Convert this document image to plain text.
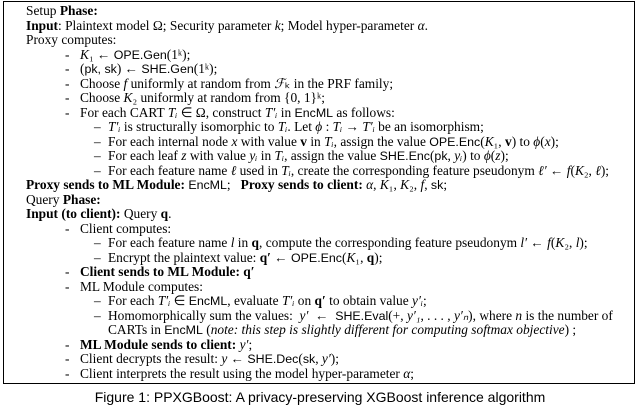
Setup Phase:
Input: Plaintext model Ω; Security parameter k; Model hyper-parameter α.
Proxy computes:
- K₁ ← OPE.Gen(1ᵏ);
- (pk, sk) ← SHE.Gen(1ᵏ);
- Choose f uniformly at random from ℱₖ in the PRF family;
- Choose K₂ uniformly at random from {0, 1}ᵏ;
- For each CART Tᵢ ∈ Ω, construct T′ᵢ in EncML as follows:
– T′ᵢ is structurally isomorphic to Tᵢ. Let ϕ : Tᵢ → T′ᵢ be an isomorphism;
– For each internal node x with value v in Tᵢ, assign the value OPE.Enc(K₁, v) to ϕ(x);
– For each leaf z with value yᵢ in Tᵢ, assign the value SHE.Enc(pk, yᵢ) to ϕ(z);
– For each feature name ℓ used in Tᵢ, create the corresponding feature pseudonym ℓ′ ← f(K₂, ℓ);
Proxy sends to ML Module: EncML;   Proxy sends to client: α, K₁, K₂, f, sk;
Query Phase:
Input (to client): Query q.
- Client computes:
– For each feature name l in q, compute the corresponding feature pseudonym l′ ← f(K₂, l);
– Encrypt the plaintext value: q′ ← OPE.Enc(K₁, q);
- Client sends to ML Module: q′
- ML Module computes:
– For each T′ᵢ ∈ EncML, evaluate T′ᵢ on q′ to obtain value y′ᵢ;
– Homomorphically sum the values:  y′  ←  SHE.Eval(+, y′₁, . . . , y′ₙ), where n is the number of
CARTs in EncML (note: this step is slightly different for computing softmax objective) ;
- ML Module sends to client: y′;
- Client decrypts the result: y ← SHE.Dec(sk, y′);
- Client interprets the result using the model hyper-parameter α;
Figure 1: PPXGBoost: A privacy-preserving XGBoost inference algorithm
